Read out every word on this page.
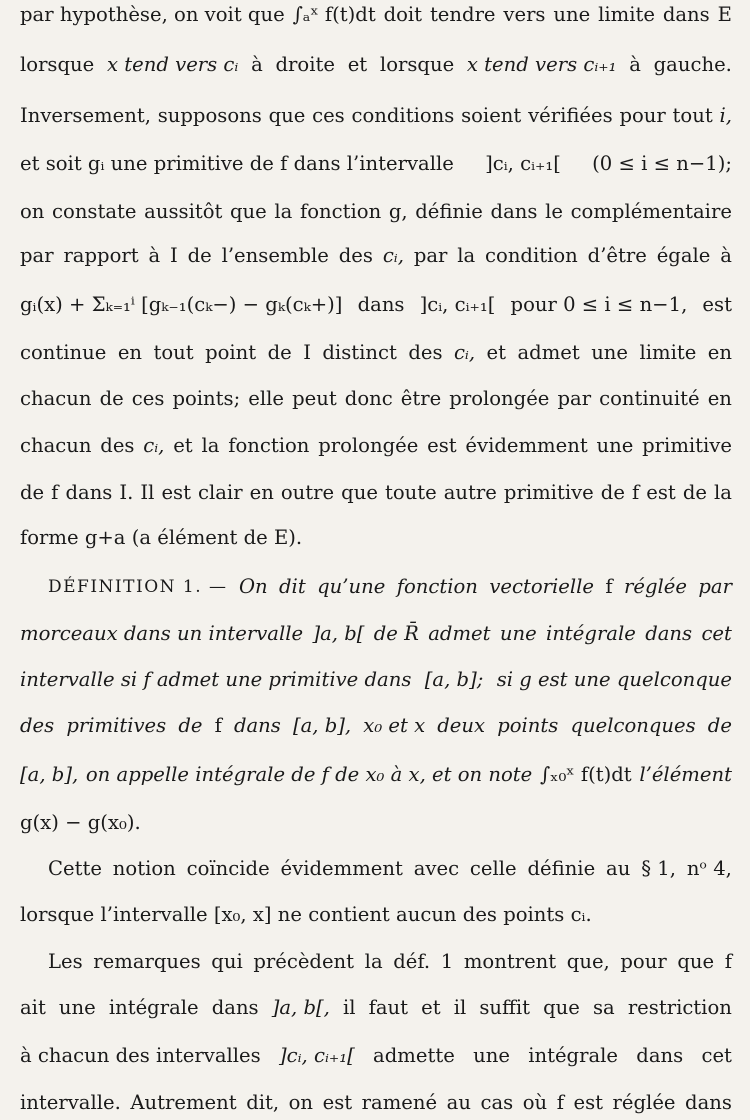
par hypothèse, on voit que ∫ₐˣ f(t)dt doit tendre vers une limite dans E
lorsque x tend vers cᵢ à droite et lorsque x tend vers cᵢ₊₁ à gauche.
Inversement, supposons que ces conditions soient vérifiées pour tout i,
et soit gᵢ une primitive de f dans l’intervalle ]cᵢ, cᵢ₊₁[ (0 ≤ i ≤ n−1);
on constate aussitôt que la fonction g, définie dans le complémentaire
par rapport à I de l’ensemble des cᵢ, par la condition d’être égale à
gᵢ(x) + Σₖ₌₁ⁱ [gₖ₋₁(cₖ−) − gₖ(cₖ+)] dans ]cᵢ, cᵢ₊₁[ pour 0 ≤ i ≤ n−1, est
continue en tout point de I distinct des cᵢ, et admet une limite en
chacun de ces points; elle peut donc être prolongée par continuité en
chacun des cᵢ, et la fonction prolongée est évidemment une primitive
de f dans I. Il est clair en outre que toute autre primitive de f est de la
forme g+a (a élément de E).
DÉFINITION 1. — On dit qu’une fonction vectorielle f réglée par
morceaux dans un intervalle ]a, b[ de R̄ admet une intégrale dans cet
intervalle si f admet une primitive dans [a, b]; si g est une quelconque
des primitives de f dans [a, b], x₀ et x deux points quelconques de
[a, b], on appelle intégrale de f de x₀ à x, et on note ∫ₓ₀ˣ f(t)dt l’élément
g(x) − g(x₀).
Cette notion coïncide évidemment avec celle définie au § 1, nᵒ 4,
lorsque l’intervalle [x₀, x] ne contient aucun des points cᵢ.
Les remarques qui précèdent la déf. 1 montrent que, pour que f
ait une intégrale dans ]a, b[, il faut et il suffit que sa restriction
à chacun des intervalles ]cᵢ, cᵢ₊₁[ admette une intégrale dans cet
intervalle. Autrement dit, on est ramené au cas où f est réglée dans
